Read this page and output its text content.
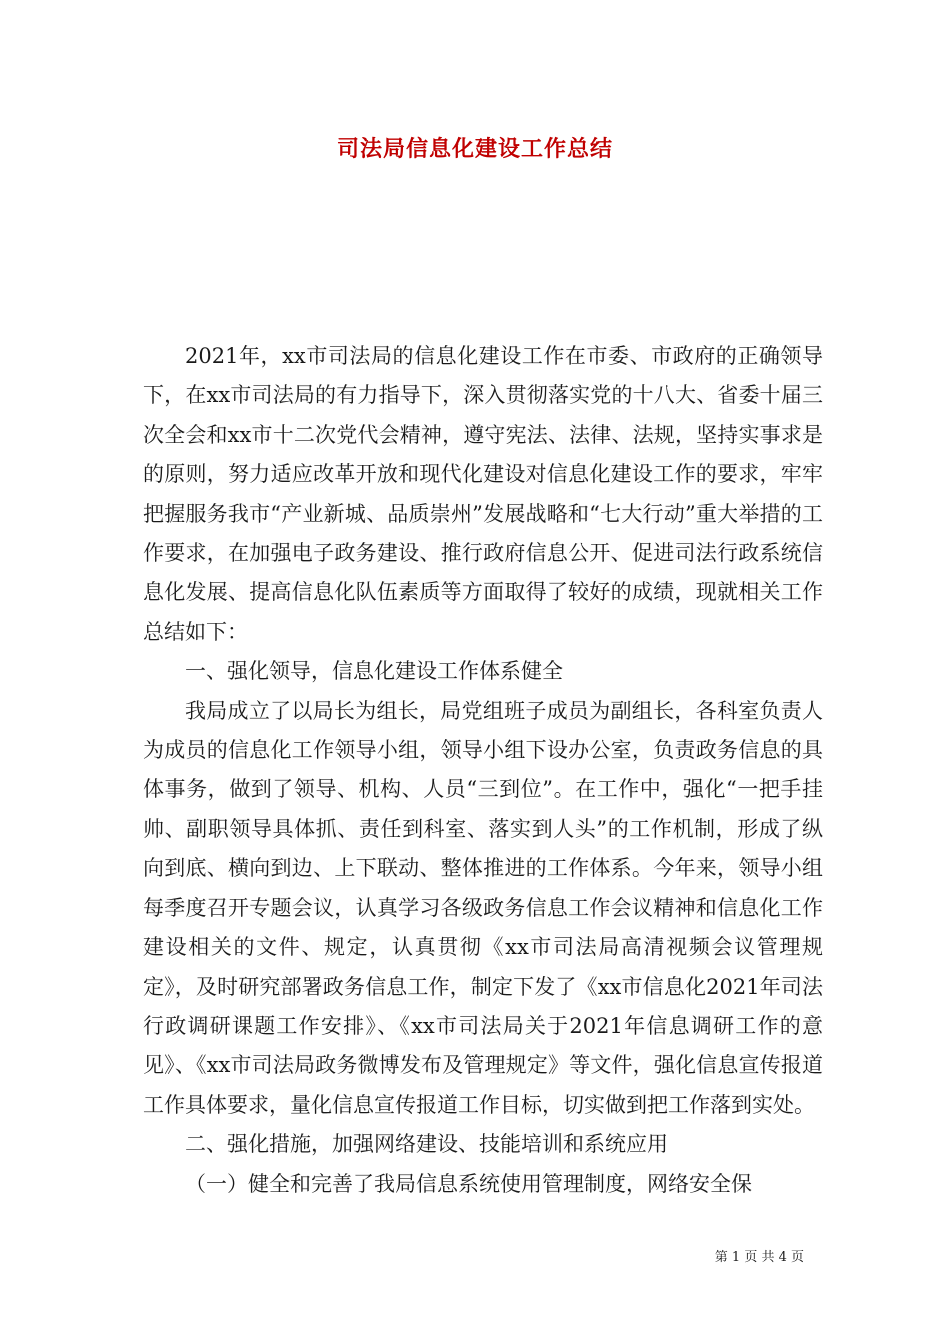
司法局信息化建设工作总结

2021年，xx市司法局的信息化建设工作在市委、市政府的正确领导下，在xx市司法局的有力指导下，深入贯彻落实党的十八大、省委十届三次全会和xx市十二次党代会精神，遵守宪法、法律、法规，坚持实事求是的原则，努力适应改革开放和现代化建设对信息化建设工作的要求，牢牢把握服务我市“产业新城、品质崇州”发展战略和“七大行动”重大举措的工作要求，在加强电子政务建设、推行政府信息公开、促进司法行政系统信息化发展、提高信息化队伍素质等方面取得了较好的成绩，现就相关工作总结如下：

一、强化领导，信息化建设工作体系健全

我局成立了以局长为组长，局党组班子成员为副组长，各科室负责人为成员的信息化工作领导小组，领导小组下设办公室，负责政务信息的具体事务，做到了领导、机构、人员“三到位”。在工作中，强化“一把手挂帅、副职领导具体抓、责任到科室、落实到人头”的工作机制，形成了纵向到底、横向到边、上下联动、整体推进的工作体系。今年来，领导小组每季度召开专题会议，认真学习各级政务信息工作会议精神和信息化工作建设相关的文件、规定，认真贯彻《xx市司法局高清视频会议管理规定》，及时研究部署政务信息工作，制定下发了《xx市信息化2021年司法行政调研课题工作安排》、《xx市司法局关于2021年信息调研工作的意见》、《xx市司法局政务微博发布及管理规定》等文件，强化信息宣传报道工作具体要求，量化信息宣传报道工作目标，切实做到把工作落到实处。

二、强化措施，加强网络建设、技能培训和系统应用

（一）健全和完善了我局信息系统使用管理制度，网络安全保

第 1 页 共 4 页
